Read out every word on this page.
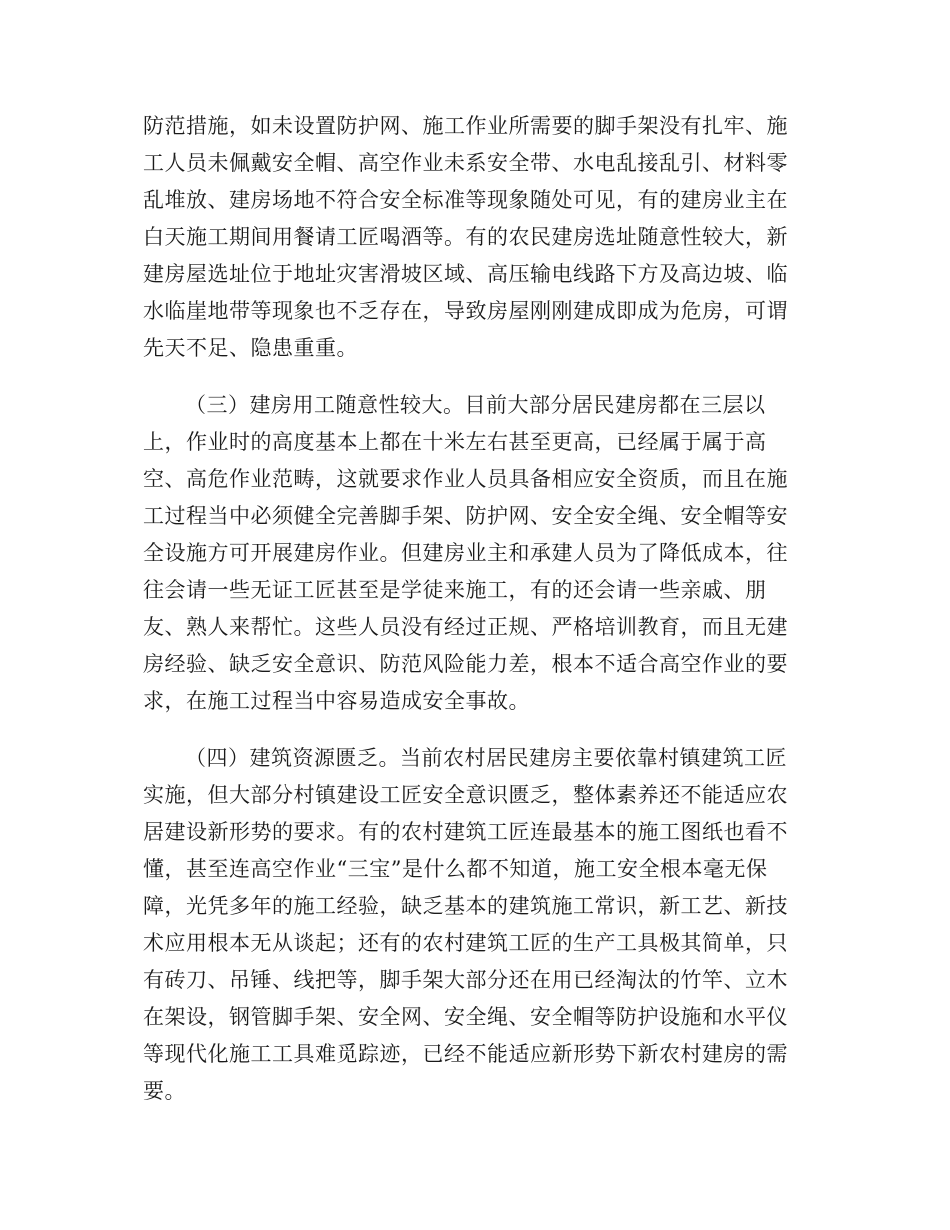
防范措施，如未设置防护网、施工作业所需要的脚手架没有扎牢、施
工人员未佩戴安全帽、高空作业未系安全带、水电乱接乱引、材料零
乱堆放、建房场地不符合安全标准等现象随处可见，有的建房业主在
白天施工期间用餐请工匠喝酒等。有的农民建房选址随意性较大，新
建房屋选址位于地址灾害滑坡区域、高压输电线路下方及高边坡、临
水临崖地带等现象也不乏存在，导致房屋刚刚建成即成为危房，可谓
先天不足、隐患重重。
（三）建房用工随意性较大。目前大部分居民建房都在三层以
上，作业时的高度基本上都在十米左右甚至更高，已经属于属于高
空、高危作业范畴，这就要求作业人员具备相应安全资质，而且在施
工过程当中必须健全完善脚手架、防护网、安全安全绳、安全帽等安
全设施方可开展建房作业。但建房业主和承建人员为了降低成本，往
往会请一些无证工匠甚至是学徒来施工，有的还会请一些亲戚、朋
友、熟人来帮忙。这些人员没有经过正规、严格培训教育，而且无建
房经验、缺乏安全意识、防范风险能力差，根本不适合高空作业的要
求，在施工过程当中容易造成安全事故。
（四）建筑资源匮乏。当前农村居民建房主要依靠村镇建筑工匠
实施，但大部分村镇建设工匠安全意识匮乏，整体素养还不能适应农
居建设新形势的要求。有的农村建筑工匠连最基本的施工图纸也看不
懂，甚至连高空作业“三宝”是什么都不知道，施工安全根本毫无保
障，光凭多年的施工经验，缺乏基本的建筑施工常识，新工艺、新技
术应用根本无从谈起；还有的农村建筑工匠的生产工具极其简单，只
有砖刀、吊锤、线把等，脚手架大部分还在用已经淘汰的竹竿、立木
在架设，钢管脚手架、安全网、安全绳、安全帽等防护设施和水平仪
等现代化施工工具难觅踪迹，已经不能适应新形势下新农村建房的需
要。
